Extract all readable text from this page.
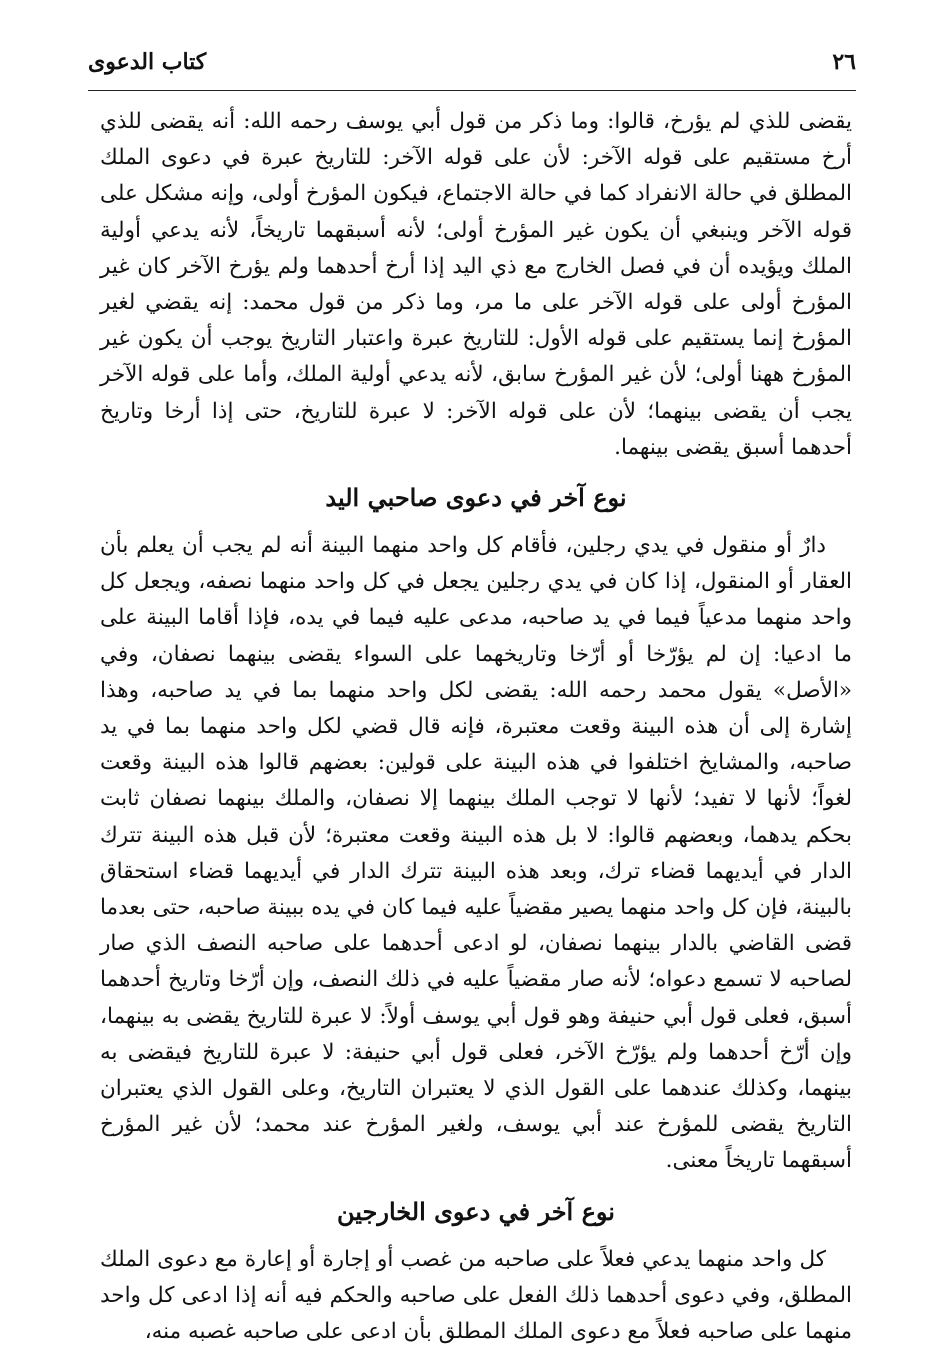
٢٦
كتاب الدعوى

يقضى للذي لم يؤرخ، قالوا: وما ذكر من قول أبي يوسف رحمه الله: أنه يقضى للذي أرخ مستقيم على قوله الآخر: لأن على قوله الآخر: للتاريخ عبرة في دعوى الملك المطلق في حالة الانفراد كما في حالة الاجتماع، فيكون المؤرخ أولى، وإنه مشكل على قوله الآخر وينبغي أن يكون غير المؤرخ أولى؛ لأنه أسبقهما تاريخاً، لأنه يدعي أولية الملك ويؤيده أن في فصل الخارج مع ذي اليد إذا أرخ أحدهما ولم يؤرخ الآخر كان غير المؤرخ أولى على قوله الآخر على ما مر، وما ذكر من قول محمد: إنه يقضي لغير المؤرخ إنما يستقيم على قوله الأول: للتاريخ عبرة واعتبار التاريخ يوجب أن يكون غير المؤرخ ههنا أولى؛ لأن غير المؤرخ سابق، لأنه يدعي أولية الملك، وأما على قوله الآخر يجب أن يقضى بينهما؛ لأن على قوله الآخر: لا عبرة للتاريخ، حتى إذا أرخا وتاريخ أحدهما أسبق يقضى بينهما.

نوع آخر في دعوى صاحبي اليد

دارٌ أو منقول في يدي رجلين، فأقام كل واحد منهما البينة أنه لم يجب أن يعلم بأن العقار أو المنقول، إذا كان في يدي رجلين يجعل في كل واحد منهما نصفه، ويجعل كل واحد منهما مدعياً فيما في يد صاحبه، مدعى عليه فيما في يده، فإذا أقاما البينة على ما ادعيا: إن لم يؤرّخا أو أرّخا وتاريخهما على السواء يقضى بينهما نصفان، وفي «الأصل» يقول محمد رحمه الله: يقضى لكل واحد منهما بما في يد صاحبه، وهذا إشارة إلى أن هذه البينة وقعت معتبرة، فإنه قال قضي لكل واحد منهما بما في يد صاحبه، والمشايخ اختلفوا في هذه البينة على قولين: بعضهم قالوا هذه البينة وقعت لغواً؛ لأنها لا تفيد؛ لأنها لا توجب الملك بينهما إلا نصفان، والملك بينهما نصفان ثابت بحكم يدهما، وبعضهم قالوا: لا بل هذه البينة وقعت معتبرة؛ لأن قبل هذه البينة تترك الدار في أيديهما قضاء ترك، وبعد هذه البينة تترك الدار في أيديهما قضاء استحقاق بالبينة، فإن كل واحد منهما يصير مقضياً عليه فيما كان في يده ببينة صاحبه، حتى بعدما قضى القاضي بالدار بينهما نصفان، لو ادعى أحدهما على صاحبه النصف الذي صار لصاحبه لا تسمع دعواه؛ لأنه صار مقضياً عليه في ذلك النصف، وإن أرّخا وتاريخ أحدهما أسبق، فعلى قول أبي حنيفة وهو قول أبي يوسف أولاً: لا عبرة للتاريخ يقضى به بينهما، وإن أرّخ أحدهما ولم يؤرّخ الآخر، فعلى قول أبي حنيفة: لا عبرة للتاريخ فيقضى به بينهما، وكذلك عندهما على القول الذي لا يعتبران التاريخ، وعلى القول الذي يعتبران التاريخ يقضى للمؤرخ عند أبي يوسف، ولغير المؤرخ عند محمد؛ لأن غير المؤرخ أسبقهما تاريخاً معنى.

نوع آخر في دعوى الخارجين

كل واحد منهما يدعي فعلاً على صاحبه من غصب أو إجارة أو إعارة مع دعوى الملك المطلق، وفي دعوى أحدهما ذلك الفعل على صاحبه والحكم فيه أنه إذا ادعى كل واحد منهما على صاحبه فعلاً مع دعوى الملك المطلق بأن ادعى على صاحبه غصبه منه،
